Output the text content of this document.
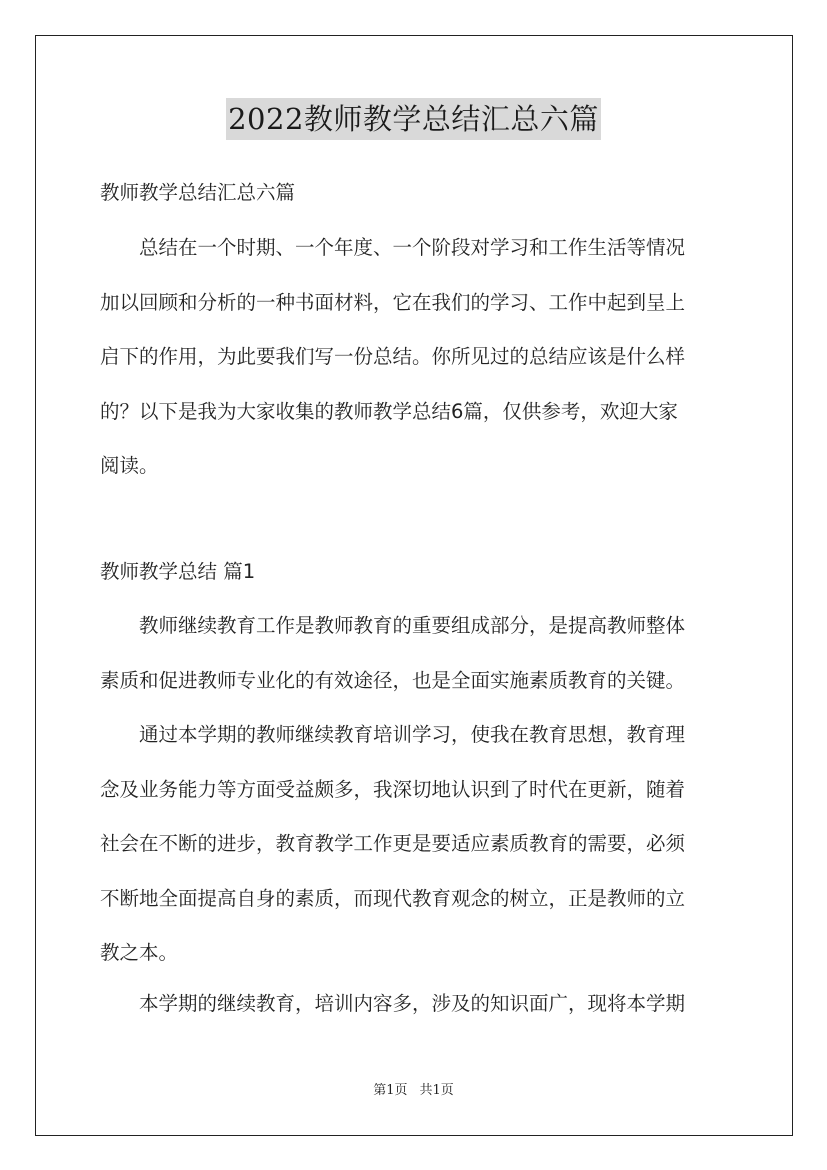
2022教师教学总结汇总六篇
教师教学总结汇总六篇
总结在一个时期、一个年度、一个阶段对学习和工作生活等情况
加以回顾和分析的一种书面材料，它在我们的学习、工作中起到呈上
启下的作用，为此要我们写一份总结。你所见过的总结应该是什么样
的？以下是我为大家收集的教师教学总结6篇，仅供参考，欢迎大家
阅读。
教师教学总结 篇1
教师继续教育工作是教师教育的重要组成部分，是提高教师整体
素质和促进教师专业化的有效途径，也是全面实施素质教育的关键。
通过本学期的教师继续教育培训学习，使我在教育思想，教育理
念及业务能力等方面受益颇多，我深切地认识到了时代在更新，随着
社会在不断的进步，教育教学工作更是要适应素质教育的需要，必须
不断地全面提高自身的素质，而现代教育观念的树立，正是教师的立
教之本。
本学期的继续教育，培训内容多，涉及的知识面广，现将本学期
第1页 共1页
